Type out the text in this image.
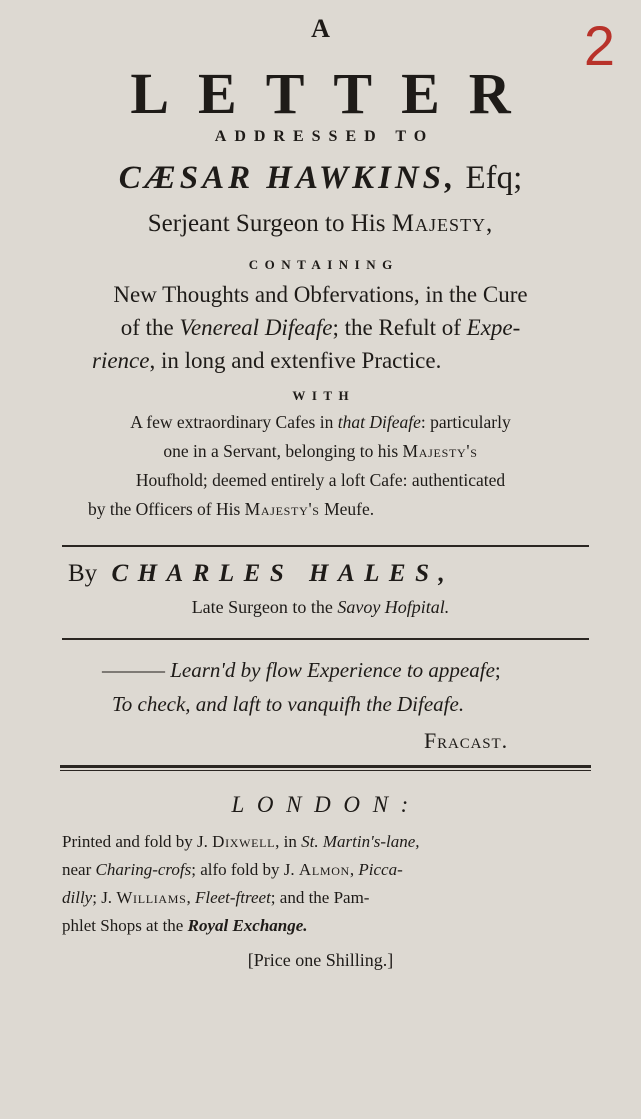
2
A
LETTER
ADDRESSED TO
CÆSAR HAWKINS, Efq;
Serjeant Surgeon to His Majesty,
CONTAINING
New Thoughts and Obfervations, in the Cure
of the Venereal Difeafe; the Refult of Expe-
rience, in long and extenfive Practice.
WITH
A few extraordinary Cafes in that Difeafe: particularly
one in a Servant, belonging to his Majesty's
Houfhold; deemed entirely a loft Cafe: authenticated
by the Officers of His Majesty's Meufe.
By CHARLES HALES,
Late Surgeon to the Savoy Hofpital.
——— Learn'd by flow Experience to appeafe;
To check, and laft to vanquifh the Difeafe.
Fracast.
LONDON:
Printed and fold by J. Dixwell, in St. Martin's-lane,
near Charing-crofs; alfo fold by J. Almon, Picca-
dilly; J. Williams, Fleet-ftreet; and the Pam-
phlet Shops at the Royal Exchange.
[Price one Shilling.]
